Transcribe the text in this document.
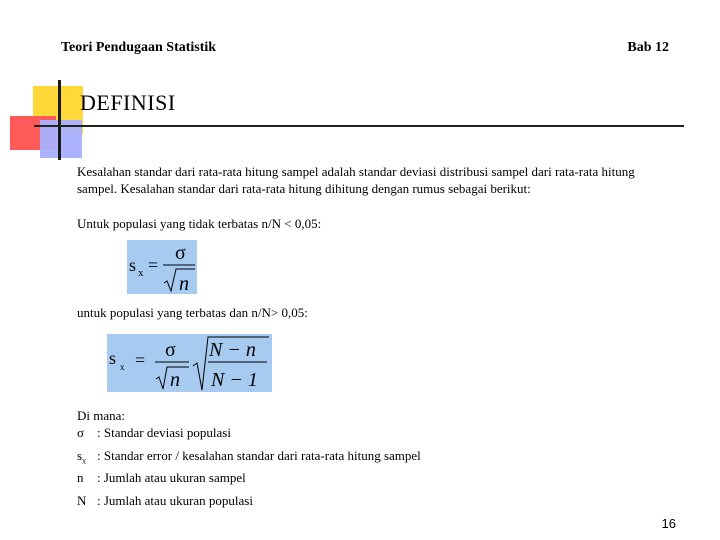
Teori Pendugaan Statistik	Bab 12
DEFINISI
Kesalahan standar dari rata-rata hitung sampel adalah standar deviasi distribusi sampel dari rata-rata hitung sampel. Kesalahan standar dari rata-rata hitung dihitung dengan rumus sebagai berikut:
Untuk populasi yang tidak terbatas n/N < 0,05:
s x =
σ
n
untuk populasi yang terbatas dan n/N> 0,05:
s x = σ
n
N − n
N − 1
Di mana:
σ : Standar deviasi populasi
$s_x$ : Standar error / kesalahan standar dari rata-rata hitung sampel
n : Jumlah atau ukuran sampel
N : Jumlah atau ukuran populasi
16
